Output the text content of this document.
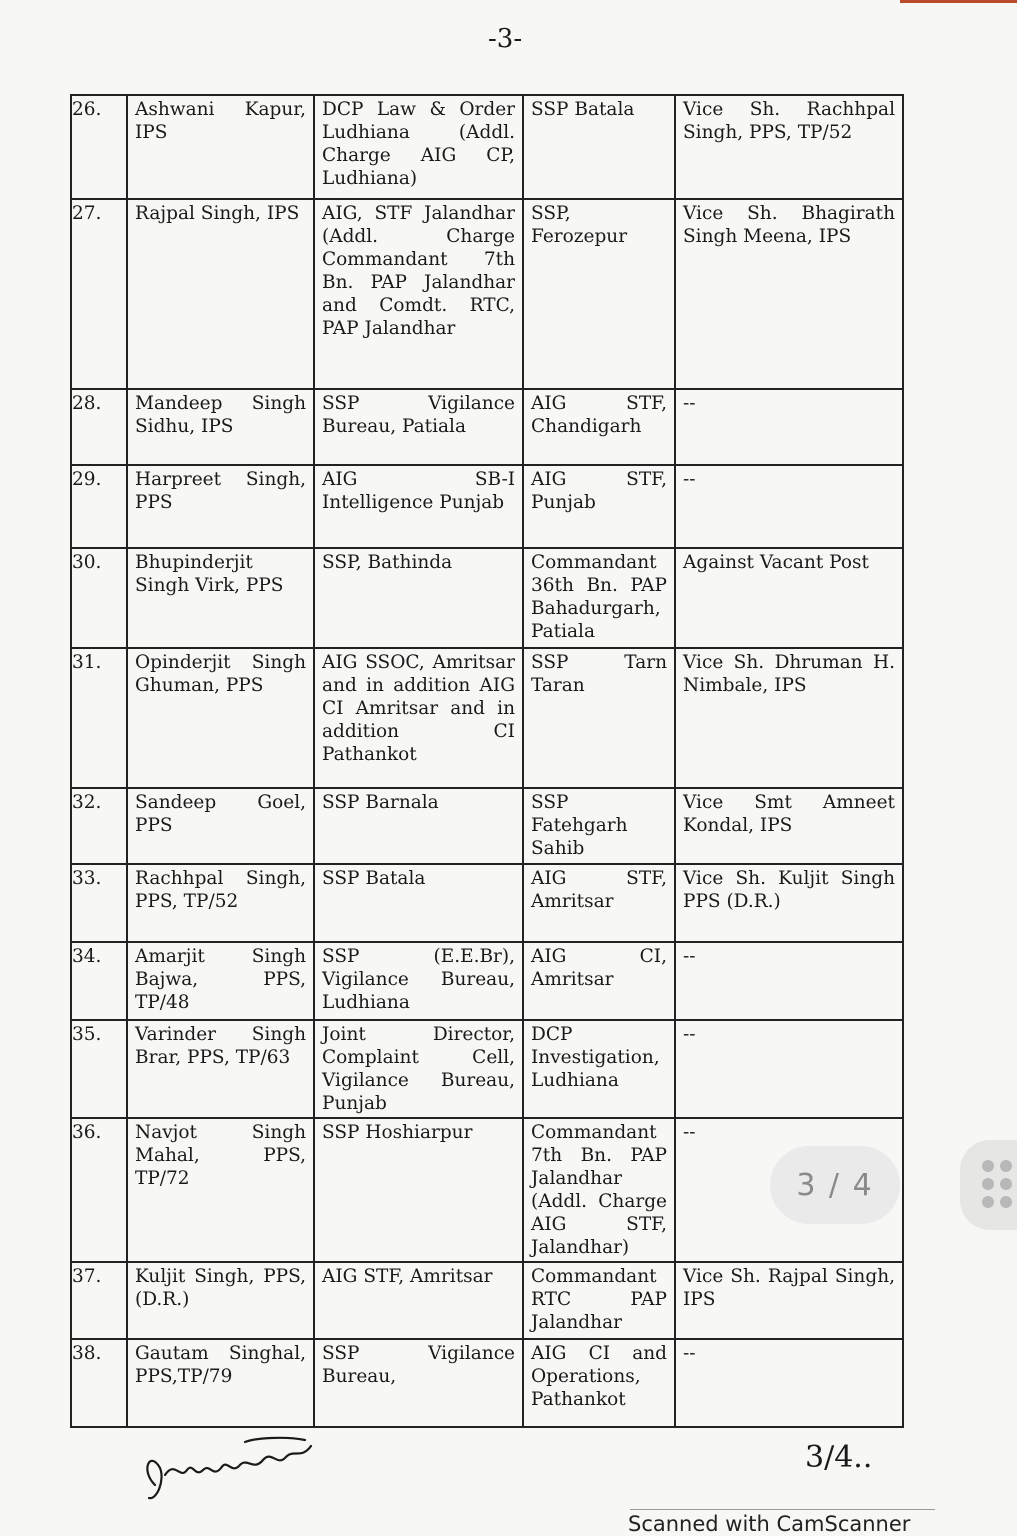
-3-
26.	Ashwani Kapur, IPS	DCP Law & Order Ludhiana (Addl. Charge AIG CP, Ludhiana)	SSP Batala	Vice Sh. Rachhpal Singh, PPS, TP/52
27.	Rajpal Singh, IPS	AIG, STF Jalandhar (Addl. Charge Commandant 7th Bn. PAP Jalandhar and Comdt. RTC, PAP Jalandhar	SSP, Ferozepur	Vice Sh. Bhagirath Singh Meena, IPS
28.	Mandeep Singh Sidhu, IPS	SSP Vigilance Bureau, Patiala	AIG STF, Chandigarh	--
29.	Harpreet Singh, PPS	AIG SB-I Intelligence Punjab	AIG STF, Punjab	--
30.	Bhupinderjit Singh Virk, PPS	SSP, Bathinda	Commandant 36th Bn. PAP Bahadurgarh, Patiala	Against Vacant Post
31.	Opinderjit Singh Ghuman, PPS	AIG SSOC, Amritsar and in addition AIG CI Amritsar and in addition CI Pathankot	SSP Tarn Taran	Vice Sh. Dhruman H. Nimbale, IPS
32.	Sandeep Goel, PPS	SSP Barnala	SSP Fatehgarh Sahib	Vice Smt Amneet Kondal, IPS
33.	Rachhpal Singh, PPS, TP/52	SSP Batala	AIG STF, Amritsar	Vice Sh. Kuljit Singh PPS (D.R.)
34.	Amarjit Singh Bajwa, PPS, TP/48	SSP (E.E.Br), Vigilance Bureau, Ludhiana	AIG CI, Amritsar	--
35.	Varinder Singh Brar, PPS, TP/63	Joint Director, Complaint Cell, Vigilance Bureau, Punjab	DCP Investigation, Ludhiana	--
36.	Navjot Singh Mahal, PPS, TP/72	SSP Hoshiarpur	Commandant 7th Bn. PAP Jalandhar (Addl. Charge AIG STF, Jalandhar)	--
37.	Kuljit Singh, PPS, (D.R.)	AIG STF, Amritsar	Commandant RTC PAP Jalandhar	Vice Sh. Rajpal Singh, IPS
38.	Gautam Singhal, PPS,TP/79	SSP Vigilance Bureau,	AIG CI and Operations, Pathankot	--
3/4..
3 / 4
Scanned with CamScanner
